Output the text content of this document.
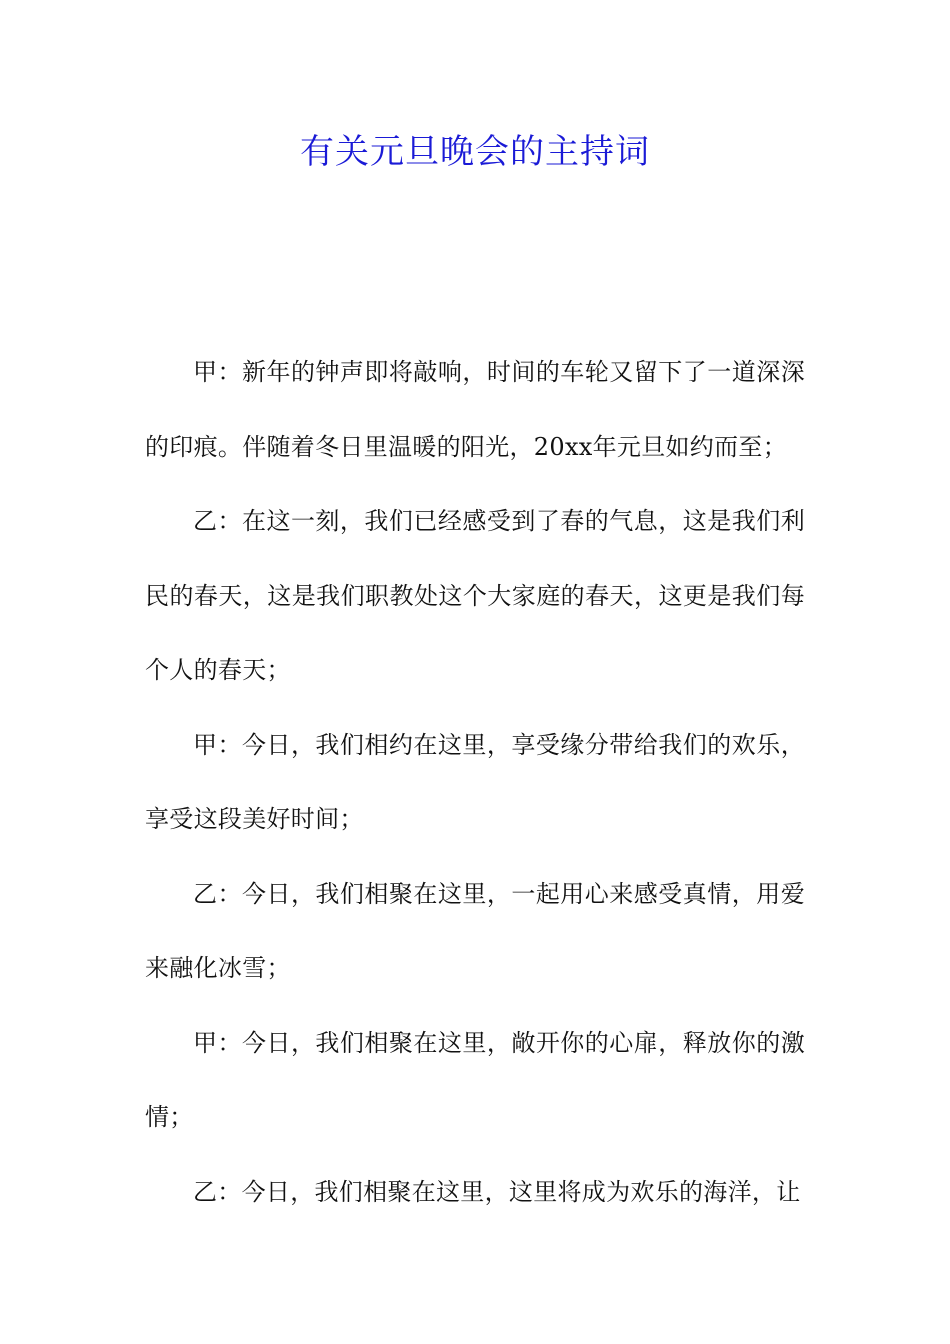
有关元旦晚会的主持词

甲：新年的钟声即将敲响，时间的车轮又留下了一道深深的印痕。伴随着冬日里温暖的阳光，20xx年元旦如约而至；

乙：在这一刻，我们已经感受到了春的气息，这是我们利民的春天，这是我们职教处这个大家庭的春天，这更是我们每个人的春天；

甲：今日，我们相约在这里，享受缘分带给我们的欢乐，享受这段美好时间；

乙：今日，我们相聚在这里，一起用心来感受真情，用爱来融化冰雪；

甲：今日，我们相聚在这里，敞开你的心扉，释放你的激情；

乙：今日，我们相聚在这里，这里将成为欢乐的海洋，让
